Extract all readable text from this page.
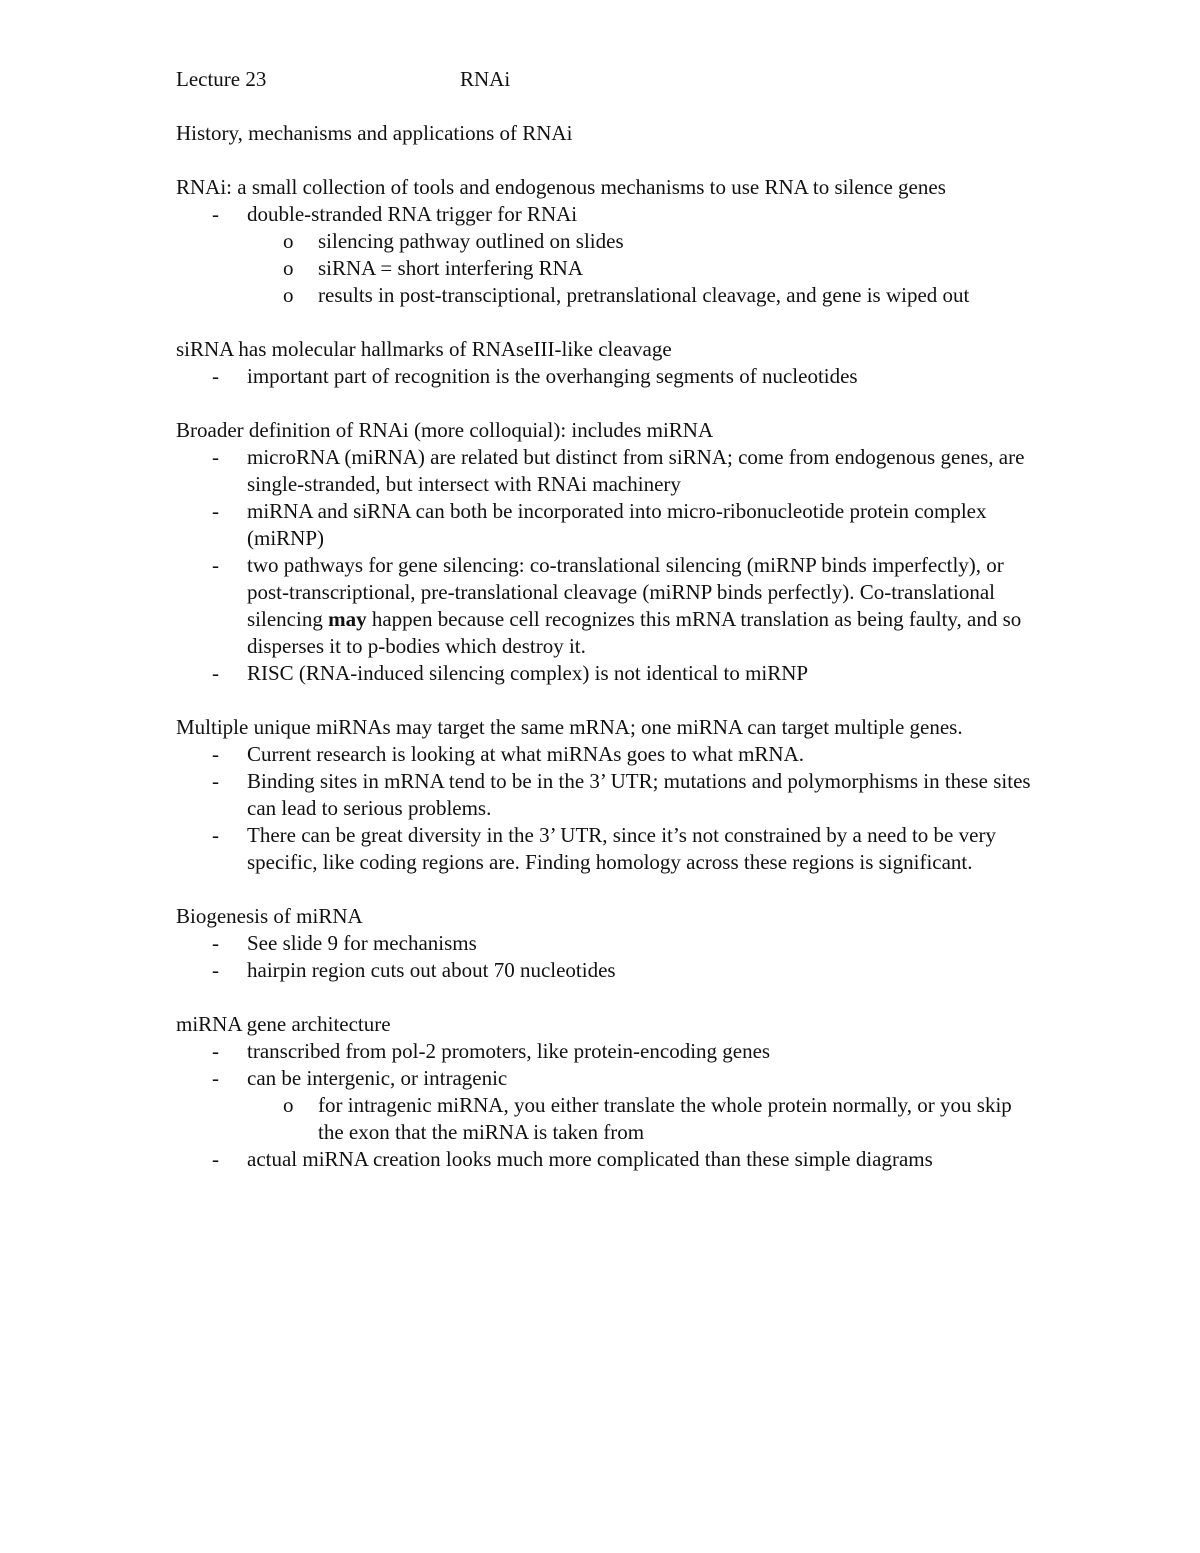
Lecture 23	RNAi

History, mechanisms and applications of RNAi

RNAi: a small collection of tools and endogenous mechanisms to use RNA to silence genes

- double-stranded RNA trigger for RNAi
o silencing pathway outlined on slides
o siRNA = short interfering RNA
o results in post-transciptional, pretranslational cleavage, and gene is wiped out

siRNA has molecular hallmarks of RNAseIII-like cleavage

- important part of recognition is the overhanging segments of nucleotides

Broader definition of RNAi (more colloquial): includes miRNA

- microRNA (miRNA) are related but distinct from siRNA; come from endogenous genes, are single-stranded, but intersect with RNAi machinery
- miRNA and siRNA can both be incorporated into micro-ribonucleotide protein complex (miRNP)
- two pathways for gene silencing: co-translational silencing (miRNP binds imperfectly), or post-transcriptional, pre-translational cleavage (miRNP binds perfectly). Co-translational silencing may happen because cell recognizes this mRNA translation as being faulty, and so disperses it to p-bodies which destroy it.
- RISC (RNA-induced silencing complex) is not identical to miRNP

Multiple unique miRNAs may target the same mRNA; one miRNA can target multiple genes.

- Current research is looking at what miRNAs goes to what mRNA.
- Binding sites in mRNA tend to be in the 3’ UTR; mutations and polymorphisms in these sites can lead to serious problems.
- There can be great diversity in the 3’ UTR, since it’s not constrained by a need to be very specific, like coding regions are. Finding homology across these regions is significant.

Biogenesis of miRNA

- See slide 9 for mechanisms
- hairpin region cuts out about 70 nucleotides

miRNA gene architecture

- transcribed from pol-2 promoters, like protein-encoding genes
- can be intergenic, or intragenic
o for intragenic miRNA, you either translate the whole protein normally, or you skip the exon that the miRNA is taken from
- actual miRNA creation looks much more complicated than these simple diagrams
